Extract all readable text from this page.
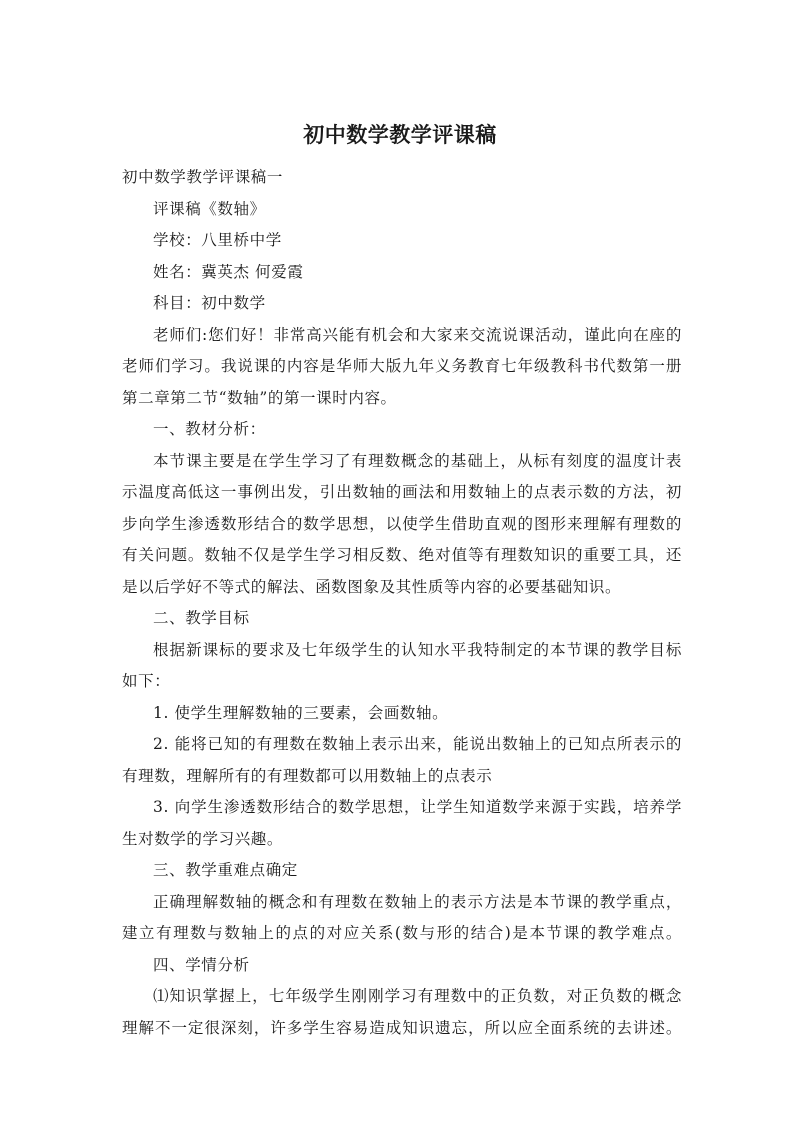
初中数学教学评课稿
初中数学教学评课稿一
评课稿《数轴》
学校：八里桥中学
姓名：冀英杰 何爱霞
科目：初中数学
老师们:您们好！非常高兴能有机会和大家来交流说课活动，谨此向在座的
老师们学习。我说课的内容是华师大版九年义务教育七年级教科书代数第一册
第二章第二节“数轴”的第一课时内容。
一、教材分析：
本节课主要是在学生学习了有理数概念的基础上，从标有刻度的温度计表
示温度高低这一事例出发，引出数轴的画法和用数轴上的点表示数的方法，初
步向学生渗透数形结合的数学思想，以使学生借助直观的图形来理解有理数的
有关问题。数轴不仅是学生学习相反数、绝对值等有理数知识的重要工具，还
是以后学好不等式的解法、函数图象及其性质等内容的必要基础知识。
二、教学目标
根据新课标的要求及七年级学生的认知水平我特制定的本节课的教学目标
如下：
1. 使学生理解数轴的三要素，会画数轴。
2. 能将已知的有理数在数轴上表示出来，能说出数轴上的已知点所表示的
有理数，理解所有的有理数都可以用数轴上的点表示
3. 向学生渗透数形结合的数学思想，让学生知道数学来源于实践，培养学
生对数学的学习兴趣。
三、教学重难点确定
正确理解数轴的概念和有理数在数轴上的表示方法是本节课的教学重点，
建立有理数与数轴上的点的对应关系(数与形的结合)是本节课的教学难点。
四、学情分析
⑴知识掌握上，七年级学生刚刚学习有理数中的正负数，对正负数的概念
理解不一定很深刻，许多学生容易造成知识遗忘，所以应全面系统的去讲述。
